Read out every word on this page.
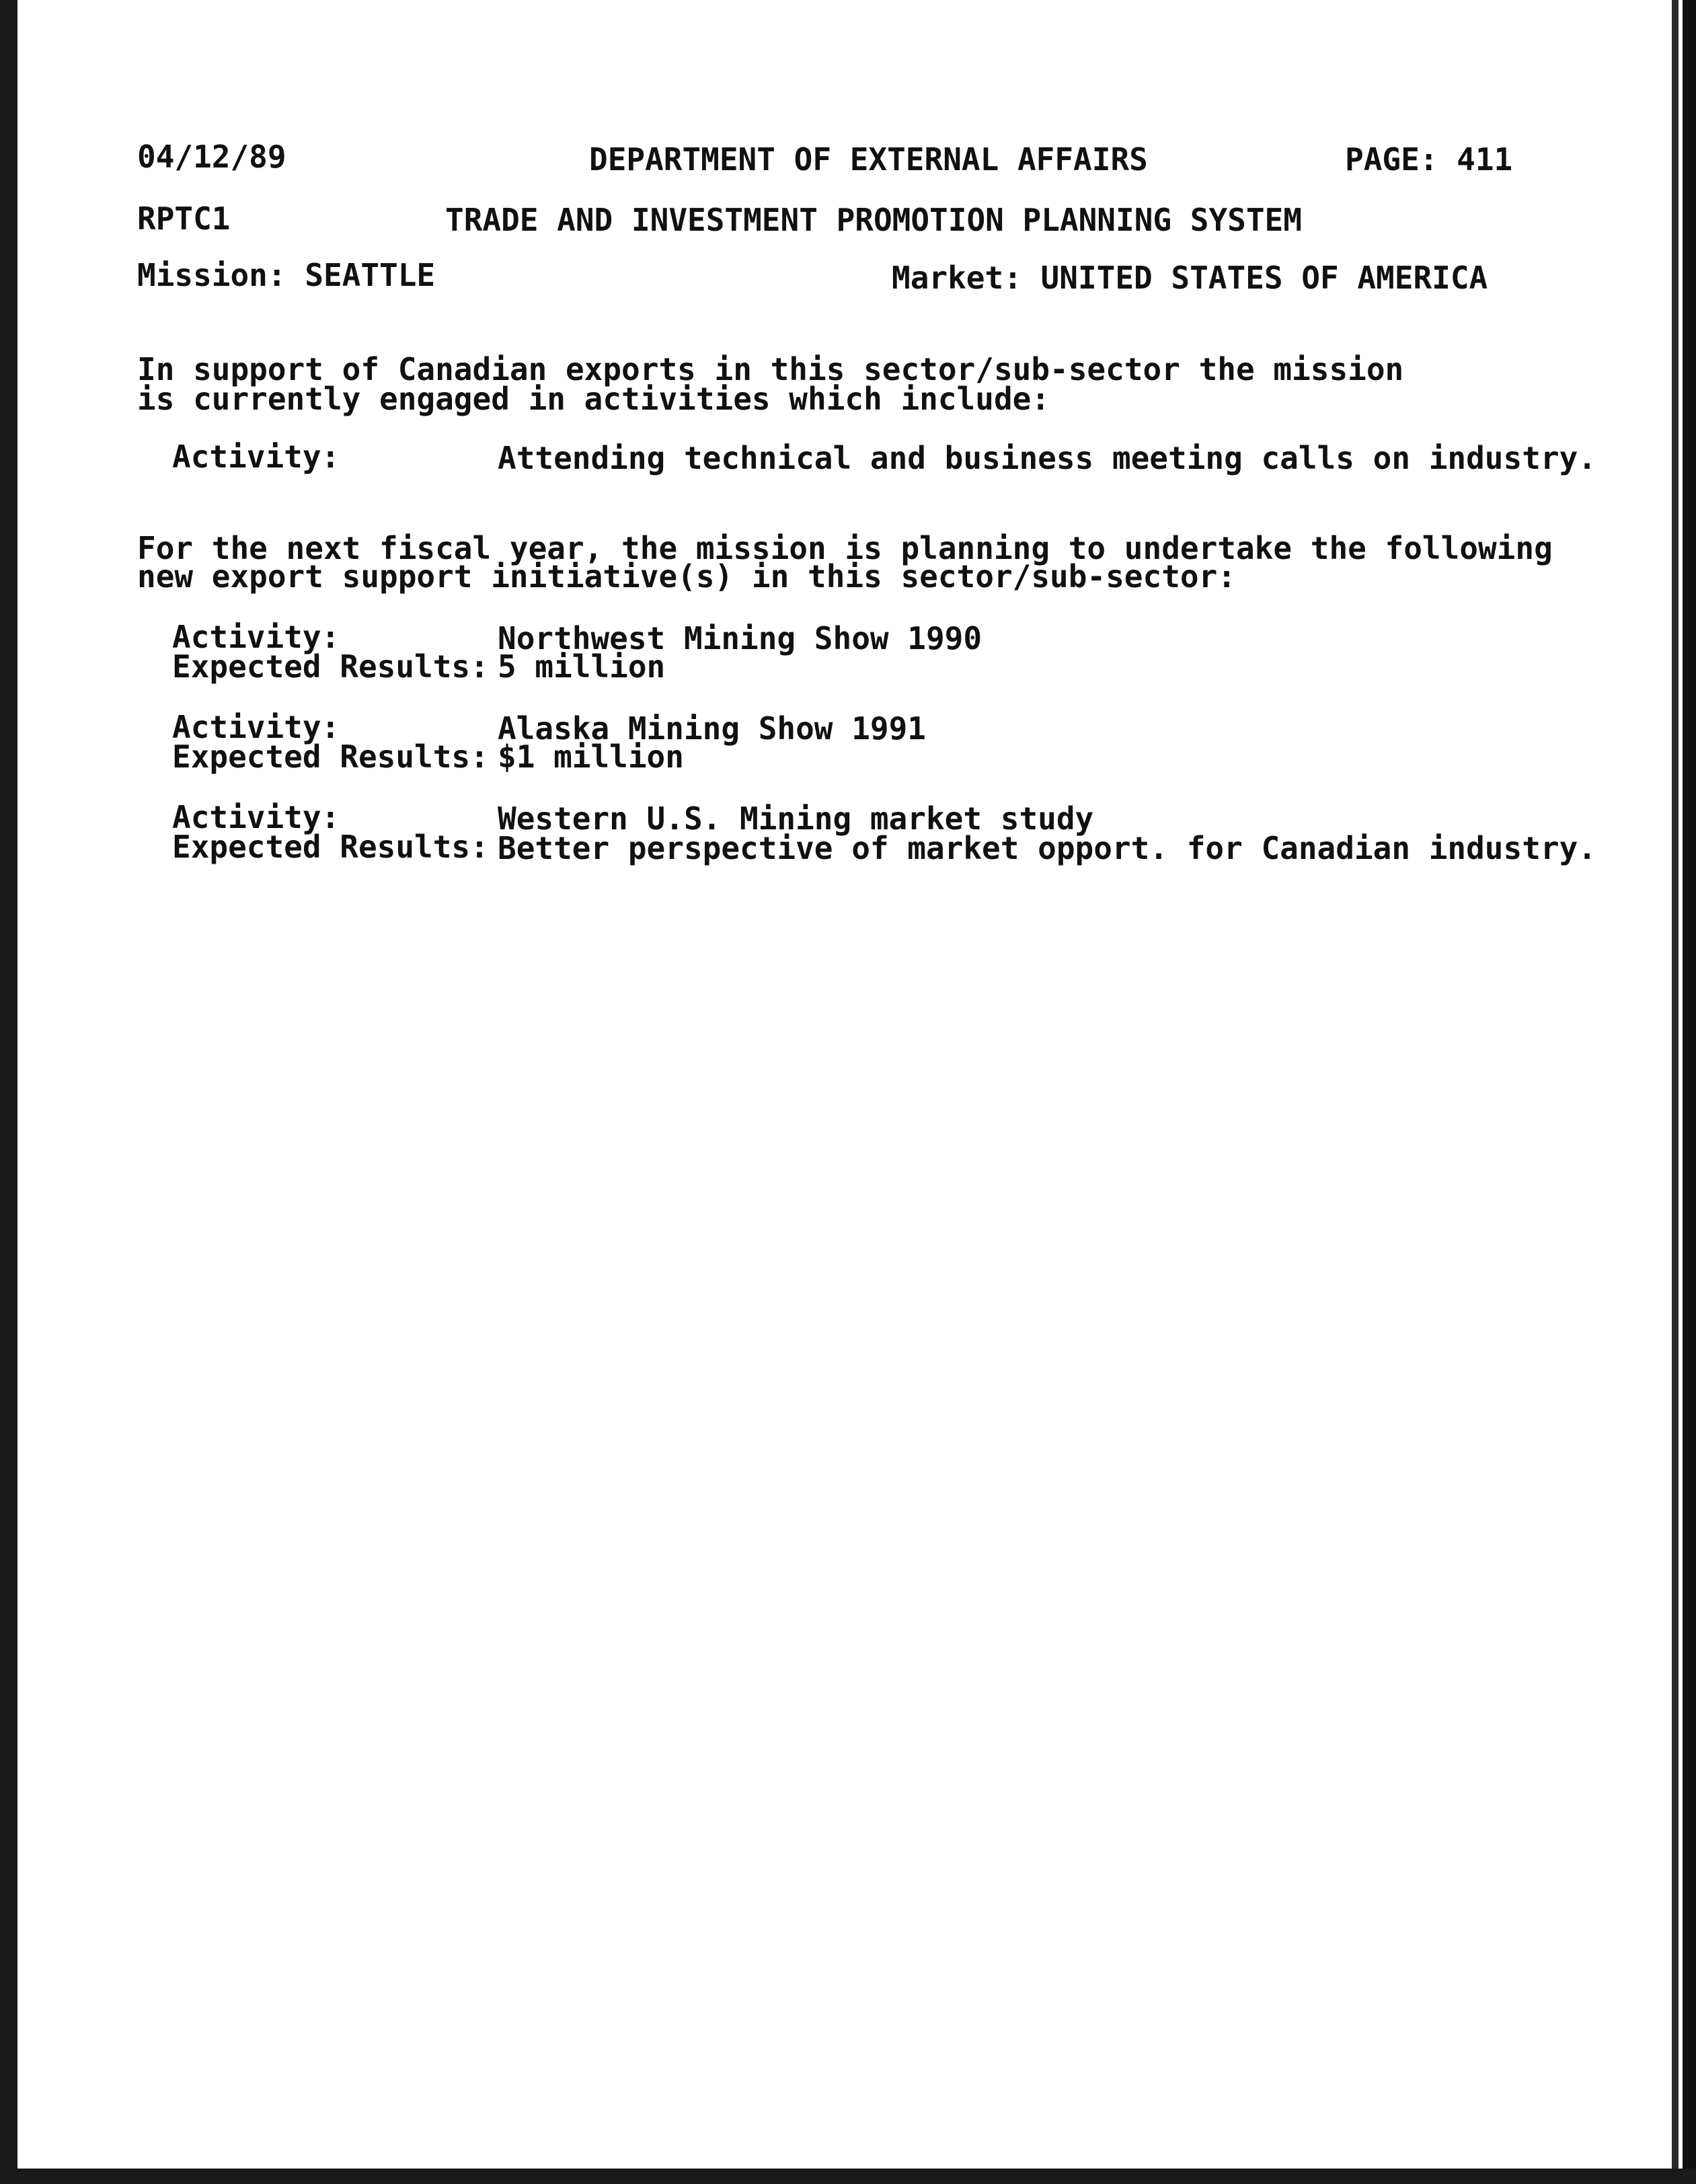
04/12/89	DEPARTMENT OF EXTERNAL AFFAIRS	PAGE: 411
RPTC1	TRADE AND INVESTMENT PROMOTION PLANNING SYSTEM
Mission: SEATTLE	Market: UNITED STATES OF AMERICA
In support of Canadian exports in this sector/sub-sector the mission
is currently engaged in activities which include:
Activity:	Attending technical and business meeting calls on industry.
For the next fiscal year, the mission is planning to undertake the following
new export support initiative(s) in this sector/sub-sector:
Activity:	Northwest Mining Show 1990
Expected Results: 5 million
Activity:	Alaska Mining Show 1991
Expected Results: $1 million
Activity:	Western U.S. Mining market study
Expected Results: Better perspective of market opport. for Canadian industry.
